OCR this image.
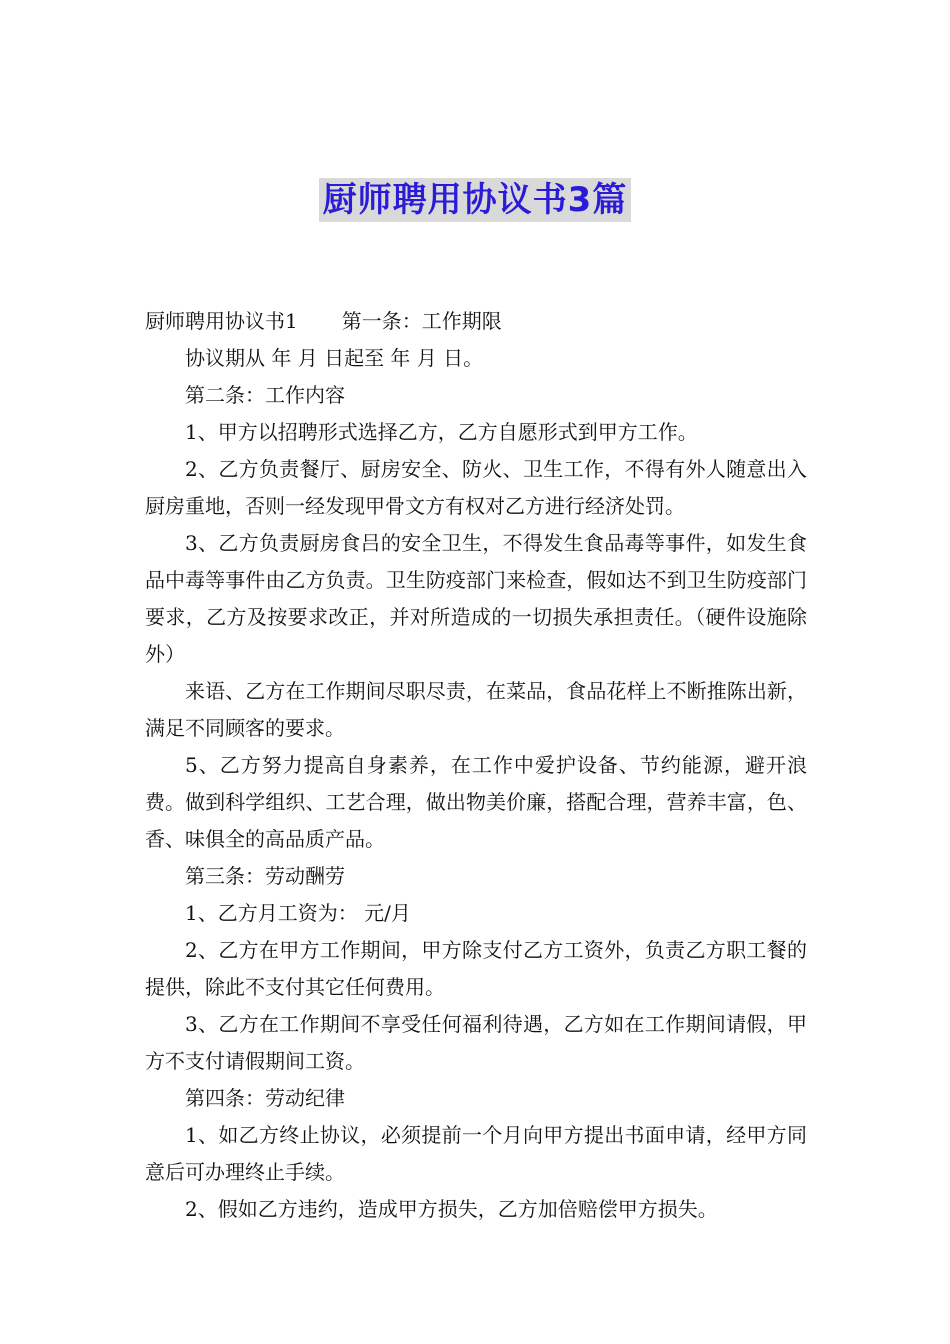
厨师聘用协议书3篇

厨师聘用协议书1 第一条：工作期限

协议期从 年 月 日起至 年 月 日。

第二条：工作内容

1、甲方以招聘形式选择乙方，乙方自愿形式到甲方工作。

2、乙方负责餐厅、厨房安全、防火、卫生工作，不得有外人随意出入厨房重地，否则一经发现甲骨文方有权对乙方进行经济处罚。

3、乙方负责厨房食吕的安全卫生，不得发生食品毒等事件，如发生食品中毒等事件由乙方负责。卫生防疫部门来检查，假如达不到卫生防疫部门要求，乙方及按要求改正，并对所造成的一切损失承担责任。（硬件设施除外）

来语、乙方在工作期间尽职尽责，在菜品，食品花样上不断推陈出新，满足不同顾客的要求。

5、乙方努力提高自身素养，在工作中爱护设备、节约能源，避开浪费。做到科学组织、工艺合理，做出物美价廉，搭配合理，营养丰富，色、香、味俱全的高品质产品。

第三条：劳动酬劳

1、乙方月工资为： 元/月

2、乙方在甲方工作期间，甲方除支付乙方工资外，负责乙方职工餐的提供，除此不支付其它任何费用。

3、乙方在工作期间不享受任何福利待遇，乙方如在工作期间请假，甲方不支付请假期间工资。

第四条：劳动纪律

1、如乙方终止协议，必须提前一个月向甲方提出书面申请，经甲方同意后可办理终止手续。

2、假如乙方违约，造成甲方损失，乙方加倍赔偿甲方损失。
